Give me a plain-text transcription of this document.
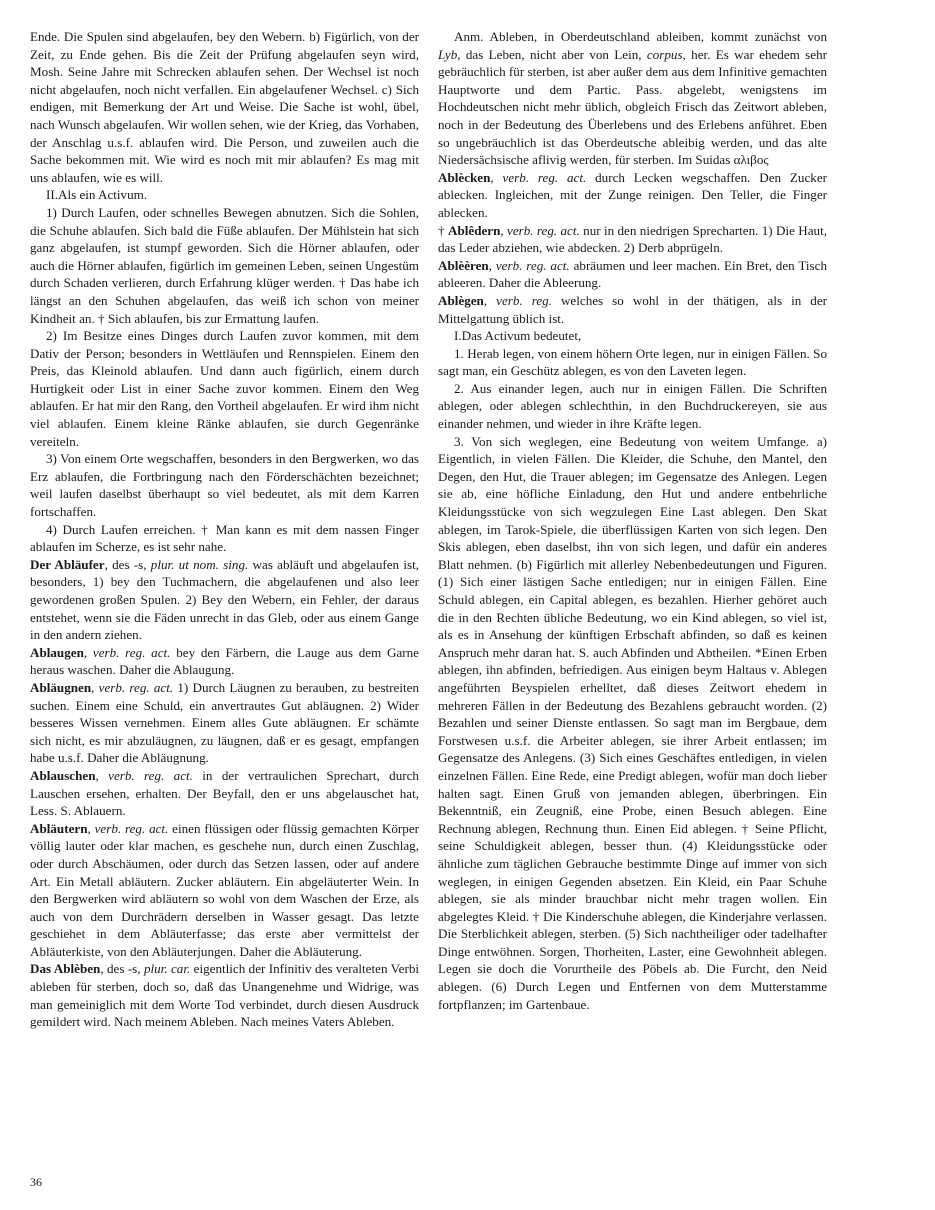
Ende. Die Spulen sind abgelaufen, bey den Webern. b) Figürlich, von der Zeit, zu Ende gehen. Bis die Zeit der Prüfung abgelaufen seyn wird, Mosh. Seine Jahre mit Schrecken ablaufen sehen. Der Wechsel ist noch nicht abgelaufen, noch nicht verfallen. Ein abgelaufener Wechsel. c) Sich endigen, mit Bemerkung der Art und Weise. Die Sache ist wohl, übel, nach Wunsch abgelaufen. Wir wollen sehen, wie der Krieg, das Vorhaben, der Anschlag u.s.f. ablaufen wird. Die Person, und zuweilen auch die Sache bekommen mit. Wie wird es noch mit mir ablaufen? Es mag mit uns ablaufen, wie es will.

II.Als ein Activum.

1) Durch Laufen, oder schnelles Bewegen abnutzen. Sich die Sohlen, die Schuhe ablaufen. Sich bald die Füße ablaufen. Der Mühlstein hat sich ganz abgelaufen, ist stumpf geworden. Sich die Hörner ablaufen, oder auch die Hörner ablaufen, figürlich im gemeinen Leben, seinen Ungestüm durch Schaden verlieren, durch Erfahrung klüger werden. † Das habe ich längst an den Schuhen abgelaufen, das weiß ich schon von meiner Kindheit an. † Sich ablaufen, bis zur Ermattung laufen.

2) Im Besitze eines Dinges durch Laufen zuvor kommen, mit dem Dativ der Person; besonders in Wettläufen und Rennspielen. Einem den Preis, das Kleinold ablaufen. Und dann auch figürlich, einem durch Hurtigkeit oder List in einer Sache zuvor kommen. Einem den Weg ablaufen. Er hat mir den Rang, den Vortheil abgelaufen. Er wird ihm nicht viel ablaufen. Einem kleine Ränke ablaufen, sie durch Gegenränke vereiteln.

3) Von einem Orte wegschaffen, besonders in den Bergwerken, wo das Erz ablaufen, die Fortbringung nach den Förderschächten bezeichnet; weil laufen daselbst überhaupt so viel bedeutet, als mit dem Karren fortschaffen.

4) Durch Laufen erreichen. † Man kann es mit dem nassen Finger ablaufen im Scherze, es ist sehr nahe.

Der Abläufer, des -s, plur. ut nom. sing. was abläuft und abgelaufen ist, besonders, 1) bey den Tuchmachern, die abgelaufenen und also leer gewordenen großen Spulen. 2) Bey den Webern, ein Fehler, der daraus entstehet, wenn sie die Fäden unrecht in das Gleb, oder aus einem Gange in den andern ziehen.

Ablaugen, verb. reg. act. bey den Färbern, die Lauge aus dem Garne heraus waschen. Daher die Ablaugung.

Abläugnen, verb. reg. act. 1) Durch Läugnen zu berauben, zu bestreiten suchen. Einem eine Schuld, ein anvertrautes Gut abläugnen. 2) Wider besseres Wissen vernehmen. Einem alles Gute abläugnen. Er schämte sich nicht, es mir abzuläugnen, zu läugnen, daß er es gesagt, empfangen habe u.s.f. Daher die Abläugnung.

Ablauschen, verb. reg. act. in der vertraulichen Sprechart, durch Lauschen ersehen, erhalten. Der Beyfall, den er uns abgelauschet hat, Less. S. Ablauern.

Abläutern, verb. reg. act. einen flüssigen oder flüssig gemachten Körper völlig lauter oder klar machen, es geschehe nun, durch einen Zuschlag, oder durch Abschäumen, oder durch das Setzen lassen, oder auf andere Art. Ein Metall abläutern. Zucker abläutern. Ein abgeläuterter Wein. In den Bergwerken wird abläutern so wohl von dem Waschen der Erze, als auch von dem Durchrädern derselben in Wasser gesagt. Das letzte geschiehet in dem Abläuterfasse; das erste aber vermittelst der Abläuterkiste, von den Abläuterjungen. Daher die Abläuterung.

Das Ablèben, des -s, plur. car. eigentlich der Infinitiv des veralteten Verbi ableben für sterben, doch so, daß das Unangenehme und Widrige, was man gemeiniglich mit dem Worte Tod verbindet, durch diesen Ausdruck gemildert wird. Nach meinem Ableben. Nach meines Vaters Ableben.

Anm. Ableben, in Oberdeutschland ableiben, kommt zunächst von Lyb, das Leben, nicht aber von Lein, corpus, her. Es war ehedem sehr gebräuchlich für sterben, ist aber außer dem aus dem Infinitive gemachten Hauptworte und dem Partic. Pass. abgelebt, wenigstens im Hochdeutschen nicht mehr üblich, obgleich Frisch das Zeitwort ableben, noch in der Bedeutung des Überlebens und des Erlebens anführet. Eben so ungebräuchlich ist das Oberdeutsche ableibig werden, und das alte Niedersächsische aflivig werden, für sterben. Im Suidas αλιβος

Ablècken, verb. reg. act. durch Lecken wegschaffen. Den Zucker ablecken. Ingleichen, mit der Zunge reinigen. Den Teller, die Finger ablecken.

† Ablêdern, verb. reg. act. nur in den niedrigen Sprecharten. 1) Die Haut, das Leder abziehen, wie abdecken. 2) Derb abprügeln.

Ablèèren, verb. reg. act. abräumen und leer machen. Ein Bret, den Tisch ableeren. Daher die Ableerung.

Ablègen, verb. reg. welches so wohl in der thätigen, als in der Mittelgattung üblich ist.

I.Das Activum bedeutet,

1. Herab legen, von einem höhern Orte legen, nur in einigen Fällen. So sagt man, ein Geschütz ablegen, es von den Laveten legen.

2. Aus einander legen, auch nur in einigen Fällen. Die Schriften ablegen, oder ablegen schlechthin, in den Buchdruckereyen, sie aus einander nehmen, und wieder in ihre Kräfte legen.

3. Von sich weglegen, eine Bedeutung von weitem Umfange. a) Eigentlich, in vielen Fällen. Die Kleider, die Schuhe, den Mantel, den Degen, den Hut, die Trauer ablegen; im Gegensatze des Anlegen. Legen sie ab, eine höfliche Einladung, den Hut und andere entbehrliche Kleidungsstücke von sich wegzulegen Eine Last ablegen. Den Skat ablegen, im Tarok-Spiele, die überflüssigen Karten von sich legen. Den Skis ablegen, eben daselbst, ihn von sich legen, und dafür ein anderes Blatt nehmen. (b) Figürlich mit allerley Nebenbedeutungen und Figuren. (1) Sich einer lästigen Sache entledigen; nur in einigen Fällen. Eine Schuld ablegen, ein Capital ablegen, es bezahlen. Hierher gehöret auch die in den Rechten übliche Bedeutung, wo ein Kind ablegen, so viel ist, als es in Ansehung der künftigen Erbschaft abfinden, so daß es keinen Anspruch mehr daran hat. S. auch Abfinden und Abtheilen. *Einen Erben ablegen, ihn abfinden, befriedigen. Aus einigen beym Haltaus v. Ablegen angeführten Beyspielen erhelltet, daß dieses Zeitwort ehedem in mehreren Fällen in der Bedeutung des Bezahlens gebraucht worden. (2) Bezahlen und seiner Dienste entlassen. So sagt man im Bergbaue, dem Forstwesen u.s.f. die Arbeiter ablegen, sie ihrer Arbeit entlassen; im Gegensatze des Anlegens. (3) Sich eines Geschäftes entledigen, in vielen einzelnen Fällen. Eine Rede, eine Predigt ablegen, wofür man doch lieber halten sagt. Einen Gruß von jemanden ablegen, überbringen. Ein Bekenntniß, ein Zeugniß, eine Probe, einen Besuch ablegen. Eine Rechnung ablegen, Rechnung thun. Einen Eid ablegen. † Seine Pflicht, seine Schuldigkeit ablegen, besser thun. (4) Kleidungsstücke oder ähnliche zum täglichen Gebrauche bestimmte Dinge auf immer von sich weglegen, in einigen Gegenden absetzen. Ein Kleid, ein Paar Schuhe ablegen, sie als minder brauchbar nicht mehr tragen wollen. Ein abgelegtes Kleid. † Die Kinderschuhe ablegen, die Kinderjahre verlassen. Die Sterblichkeit ablegen, sterben. (5) Sich nachtheiliger oder tadelhafter Dinge entwöhnen. Sorgen, Thorheiten, Laster, eine Gewohnheit ablegen. Legen sie doch die Vorurtheile des Pöbels ab. Die Furcht, den Neid ablegen. (6) Durch Legen und Entfernen von dem Mutterstamme fortpflanzen; im Gartenbaue.

36
